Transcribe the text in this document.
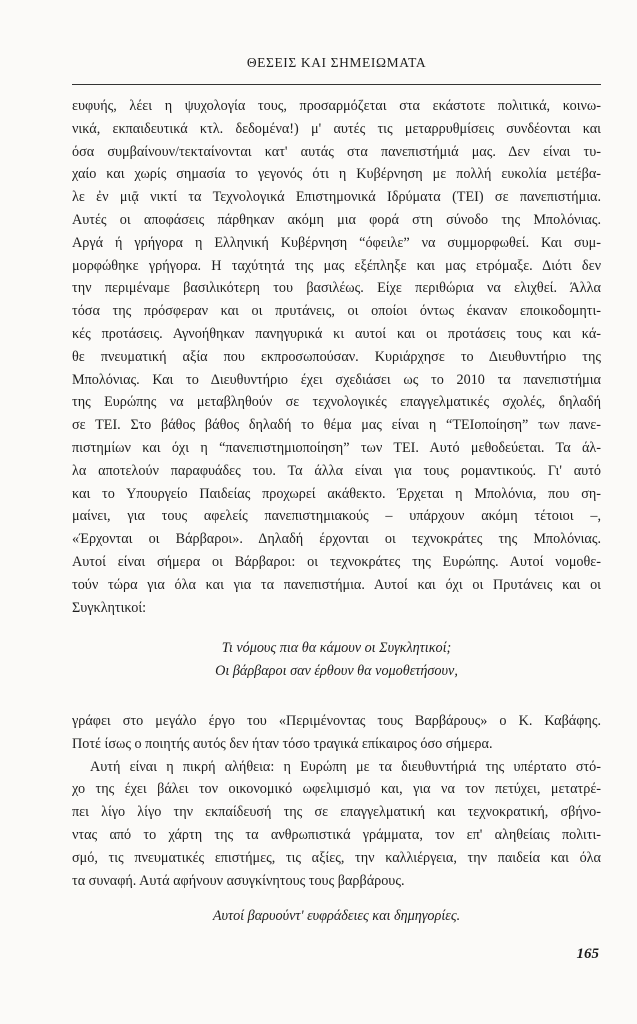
ΘΕΣΕΙΣ ΚΑΙ ΣΗΜΕΙΩΜΑΤΑ
ευφυής, λέει η ψυχολογία τους, προσαρμόζεται στα εκάστοτε πολιτικά, κοινω-
νικά, εκπαιδευτικά κτλ. δεδομένα!) μ' αυτές τις μεταρρυθμίσεις συνδέονται και
όσα συμβαίνουν/τεκταίνονται κατ' αυτάς στα πανεπιστήμιά μας. Δεν είναι τυ-
χαίο και χωρίς σημασία το γεγονός ότι η Κυβέρνηση με πολλή ευκολία μετέβα-
λε ἐν μιᾷ νικτί τα Τεχνολογικά Επιστημονικά Ιδρύματα (ΤΕΙ) σε πανεπιστήμια.
Αυτές οι αποφάσεις πάρθηκαν ακόμη μια φορά στη σύνοδο της Μπολόνιας.
Αργά ή γρήγορα η Ελληνική Κυβέρνηση “όφειλε” να συμμορφωθεί. Και συμ-
μορφώθηκε γρήγορα. Η ταχύτητά της μας εξέπληξε και μας ετρόμαξε. Διότι δεν
την περιμέναμε βασιλικότερη του βασιλέως. Είχε περιθώρια να ελιχθεί. Άλλα
τόσα της πρόσφεραν και οι πρυτάνεις, οι οποίοι όντως έκαναν εποικοδομητι-
κές προτάσεις. Αγνοήθηκαν πανηγυρικά κι αυτοί και οι προτάσεις τους και κά-
θε πνευματική αξία που εκπροσωπούσαν. Κυριάρχησε το Διευθυντήριο της
Μπολόνιας. Και το Διευθυντήριο έχει σχεδιάσει ως το 2010 τα πανεπιστήμια
της Ευρώπης να μεταβληθούν σε τεχνολογικές επαγγελματικές σχολές, δηλαδή
σε ΤΕΙ. Στο βάθος βάθος δηλαδή το θέμα μας είναι η “ΤΕΙοποίηση” των πανε-
πιστημίων και όχι η “πανεπιστημιοποίηση” των ΤΕΙ. Αυτό μεθοδεύεται. Τα άλ-
λα αποτελούν παραφυάδες του. Τα άλλα είναι για τους ρομαντικούς. Γι' αυτό
και το Υπουργείο Παιδείας προχωρεί ακάθεκτο. Έρχεται η Μπολόνια, που ση-
μαίνει, για τους αφελείς πανεπιστημιακούς – υπάρχουν ακόμη τέτοιοι –,
«Έρχονται οι Βάρβαροι». Δηλαδή έρχονται οι τεχνοκράτες της Μπολόνιας.
Αυτοί είναι σήμερα οι Βάρβαροι: οι τεχνοκράτες της Ευρώπης. Αυτοί νομοθε-
τούν τώρα για όλα και για τα πανεπιστήμια. Αυτοί και όχι οι Πρυτάνεις και οι
Συγκλητικοί:
Τι νόμους πια θα κάμουν οι Συγκλητικοί;
Οι βάρβαροι σαν έρθουν θα νομοθετήσουν,
γράφει στο μεγάλο έργο του «Περιμένοντας τους Βαρβάρους» ο Κ. Καβάφης.
Ποτέ ίσως ο ποιητής αυτός δεν ήταν τόσο τραγικά επίκαιρος όσο σήμερα.
Αυτή είναι η πικρή αλήθεια: η Ευρώπη με τα διευθυντήριά της υπέρτατο στό-
χο της έχει βάλει τον οικονομικό ωφελιμισμό και, για να τον πετύχει, μετατρέ-
πει λίγο λίγο την εκπαίδευσή της σε επαγγελματική και τεχνοκρατική, σβήνο-
ντας από το χάρτη της τα ανθρωπιστικά γράμματα, τον επ' αληθείαις πολιτι-
σμό, τις πνευματικές επιστήμες, τις αξίες, την καλλιέργεια, την παιδεία και όλα
τα συναφή. Αυτά αφήνουν ασυγκίνητους τους βαρβάρους.
Αυτοί βαρυούντ' ευφράδειες και δημηγορίες.
165
